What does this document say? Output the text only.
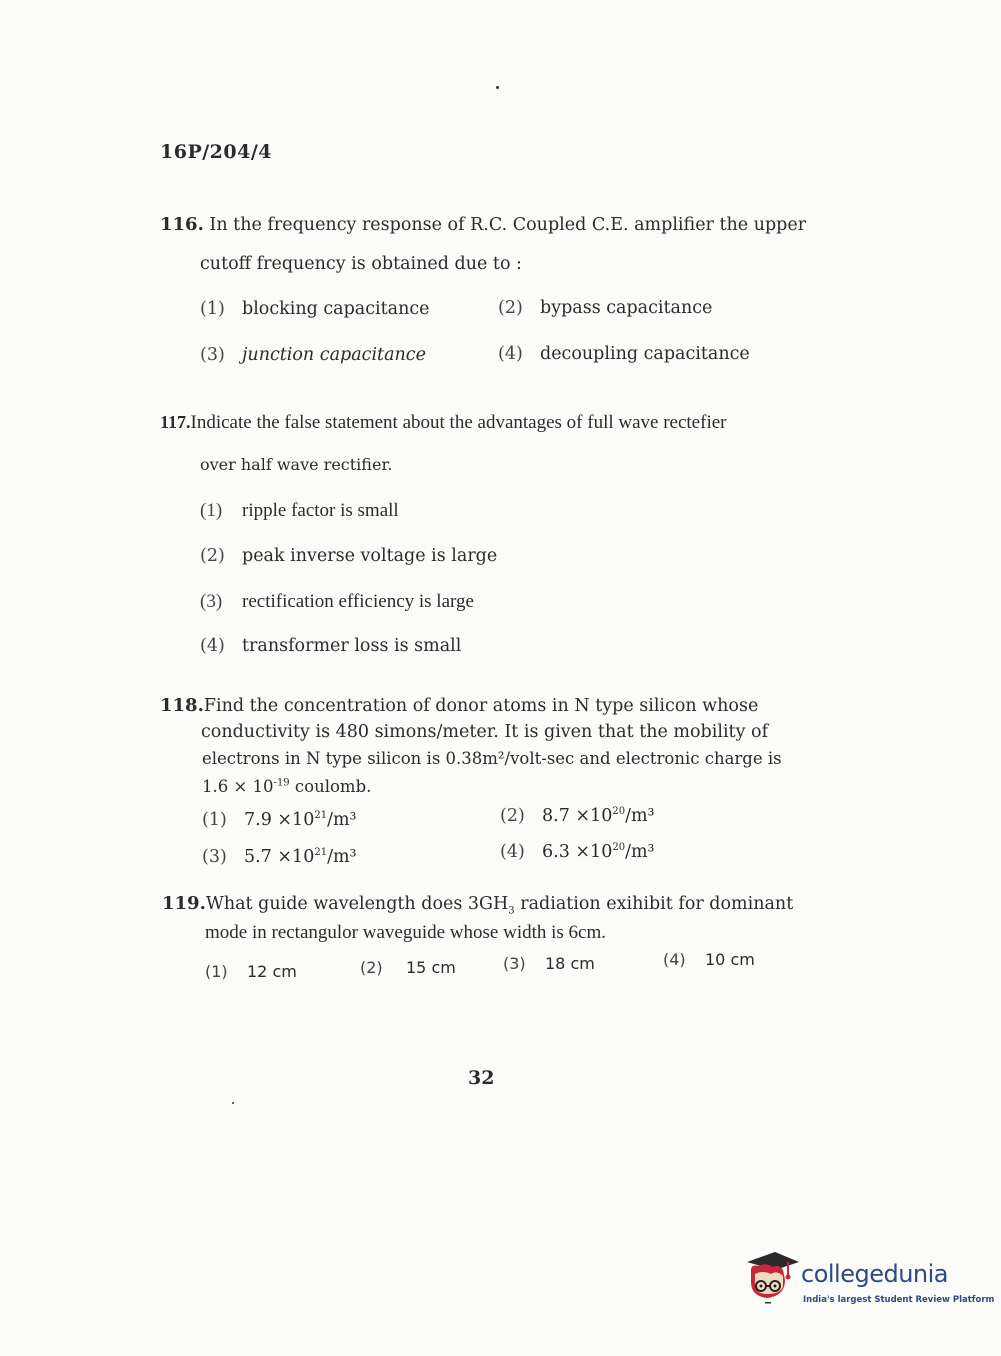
16P/204/4
116. In the frequency response of R.C. Coupled C.E. amplifier the upper
cutoff frequency is obtained due to :
(1) blocking capacitance	(2) bypass capacitance
(3) junction capacitance	(4) decoupling capacitance
117.Indicate the false statement about the advantages of full wave rectefier
over half wave rectifier.
(1) ripple factor is small
(2) peak inverse voltage is large
(3) rectification efficiency is large
(4) transformer loss is small
118.Find the concentration of donor atoms in N type silicon whose
conductivity is 480 simons/meter. It is given that the mobility of
electrons in N type silicon is 0.38m²/volt-sec and electronic charge is
$1.6 \times 10^{-19}$ coulomb.
(1) $7.9 \times 10^{21}/m^3$	(2) $8.7 \times 10^{20}/m^3$
(3) $5.7 \times 10^{21}/m^3$	(4) $6.3 \times 10^{20}/m^3$
119.What guide wavelength does $3GH_3$ radiation exihibit for dominant
mode in rectangulor waveguide whose width is 6cm.
(1) 12 cm	(2) 15 cm	(3) 18 cm	(4) 10 cm
32
collegedunia
India's largest Student Review Platform
